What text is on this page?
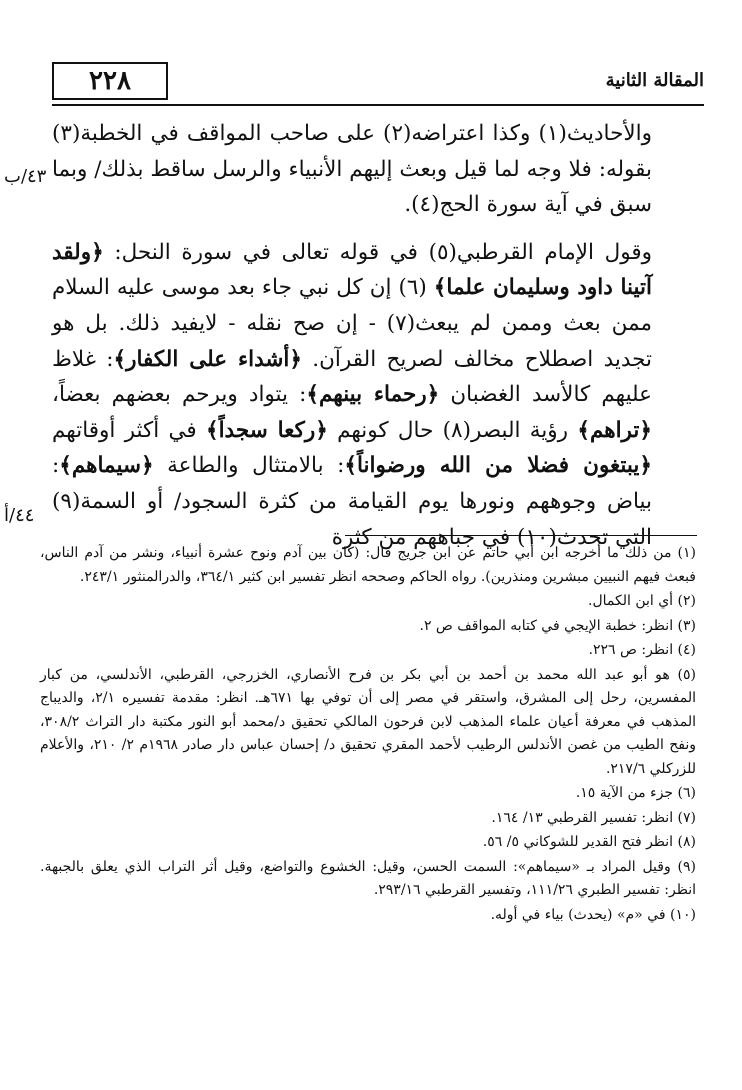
٢٢٨	المقالة الثانية
٤٣/ب
٤٤/أ

والأحاديث(١) وكذا اعتراضه(٢) على صاحب المواقف في الخطبة(٣) بقوله: فلا وجه لما قيل وبعث إليهم الأنبياء والرسل ساقط بذلك/ وبما سبق في آية سورة الحج(٤).

وقول الإمام القرطبي(٥) في قوله تعالى في سورة النحل: ﴿ولقد آتينا داود وسليمان علما﴾ (٦) إن كل نبي جاء بعد موسى عليه السلام ممن بعث وممن لم يبعث(٧) - إن صح نقله - لايفيد ذلك. بل هو تجديد اصطلاح مخالف لصريح القرآن. ﴿أشداء على الكفار﴾: غلاظ عليهم كالأسد الغضبان ﴿رحماء بينهم﴾: يتواد ويرحم بعضهم بعضاً، ﴿تراهم﴾ رؤية البصر(٨) حال كونهم ﴿ركعا سجداً﴾ في أكثر أوقاتهم ﴿يبتغون فضلا من الله ورضواناً﴾: بالامتثال والطاعة ﴿سيماهم﴾: بياض وجوههم ونورها يوم القيامة من كثرة السجود/ أو السمة(٩) التي تحدث(١٠) في جباههم من كثرة

(١) من ذلك ما أخرجه ابن أبي حاتم عن ابن جريج قال: (كان بين آدم ونوح عشرة أنبياء، ونشر من آدم الناس، فبعث فيهم النبيين مبشرين ومنذرين). رواه الحاكم وصححه انظر تفسير ابن كثير ٣٦٤/١، والدرالمنثور ٢٤٣/١.

(٢) أي ابن الكمال.

(٣) انظر: خطبة الإيجي في كتابه المواقف ص ٢.

(٤) انظر: ص ٢٢٦.

(٥) هو أبو عبد الله محمد بن أحمد بن أبي بكر بن فرح الأنصاري، الخزرجي، القرطبي، الأندلسي، من كبار المفسرين، رحل إلى المشرق، واستقر في مصر إلى أن توفي بها ٦٧١هـ. انظر: مقدمة تفسيره ٢/١، والديباج المذهب في معرفة أعيان علماء المذهب لابن فرحون المالكي تحقيق د/محمد أبو النور مكتبة دار التراث ٣٠٨/٢، ونفح الطيب من غصن الأندلس الرطيب لأحمد المقري تحقيق د/ إحسان عباس دار صادر ١٩٦٨م ٢/ ٢١٠، والأعلام للزركلي ٢١٧/٦.

(٦) جزء من الآية ١٥.

(٧) انظر: تفسير القرطبي ١٣/ ١٦٤.

(٨) انظر فتح القدير للشوكاني ٥/ ٥٦.

(٩) وقيل المراد بـ «سيماهم»: السمت الحسن، وقيل: الخشوع والتواضع، وقيل أثر التراب الذي يعلق بالجبهة. انظر: تفسير الطبري ١١١/٢٦، وتفسير القرطبي ٢٩٣/١٦.

(١٠) في «م» (يحدث) بياء في أوله.
